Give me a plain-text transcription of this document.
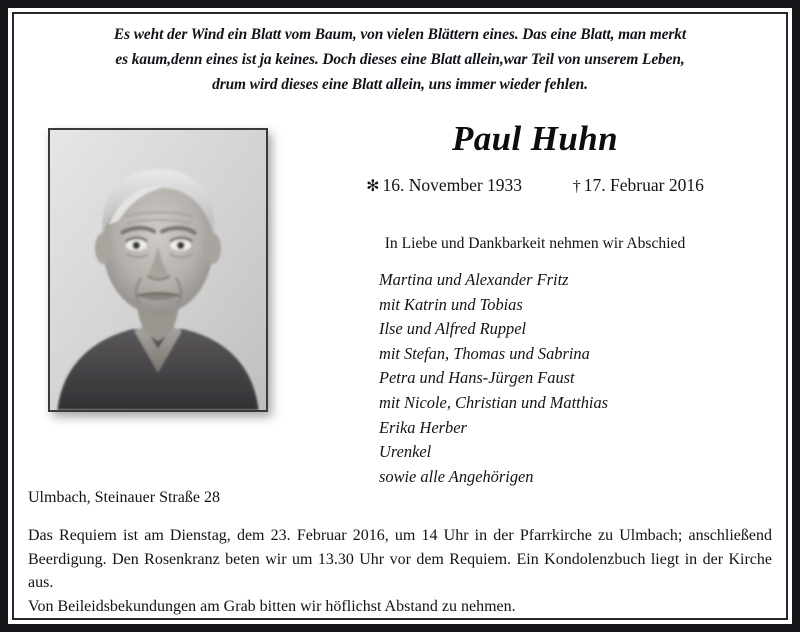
Es weht der Wind ein Blatt vom Baum, von vielen Blättern eines. Das eine Blatt, man merkt
es kaum,denn eines ist ja keines. Doch dieses eine Blatt allein,war Teil von unserem Leben,
drum wird dieses eine Blatt allein, uns immer wieder fehlen.
Paul Huhn
✻ 16. November 1933	† 17. Februar 2016
In Liebe und Dankbarkeit nehmen wir Abschied
Martina und Alexander Fritz
mit Katrin und Tobias
Ilse und Alfred Ruppel
mit Stefan, Thomas und Sabrina
Petra und Hans-Jürgen Faust
mit Nicole, Christian und Matthias
Erika Herber
Urenkel
sowie alle Angehörigen
Ulmbach, Steinauer Straße 28

Das Requiem ist am Dienstag, dem 23. Februar 2016, um 14 Uhr in der Pfarrkirche zu Ulmbach; anschließend Beerdigung. Den Rosenkranz beten wir um 13.30 Uhr vor dem Requiem. Ein Kondolenzbuch liegt in der Kirche aus.

Von Beileidsbekundungen am Grab bitten wir höflichst Abstand zu nehmen.
